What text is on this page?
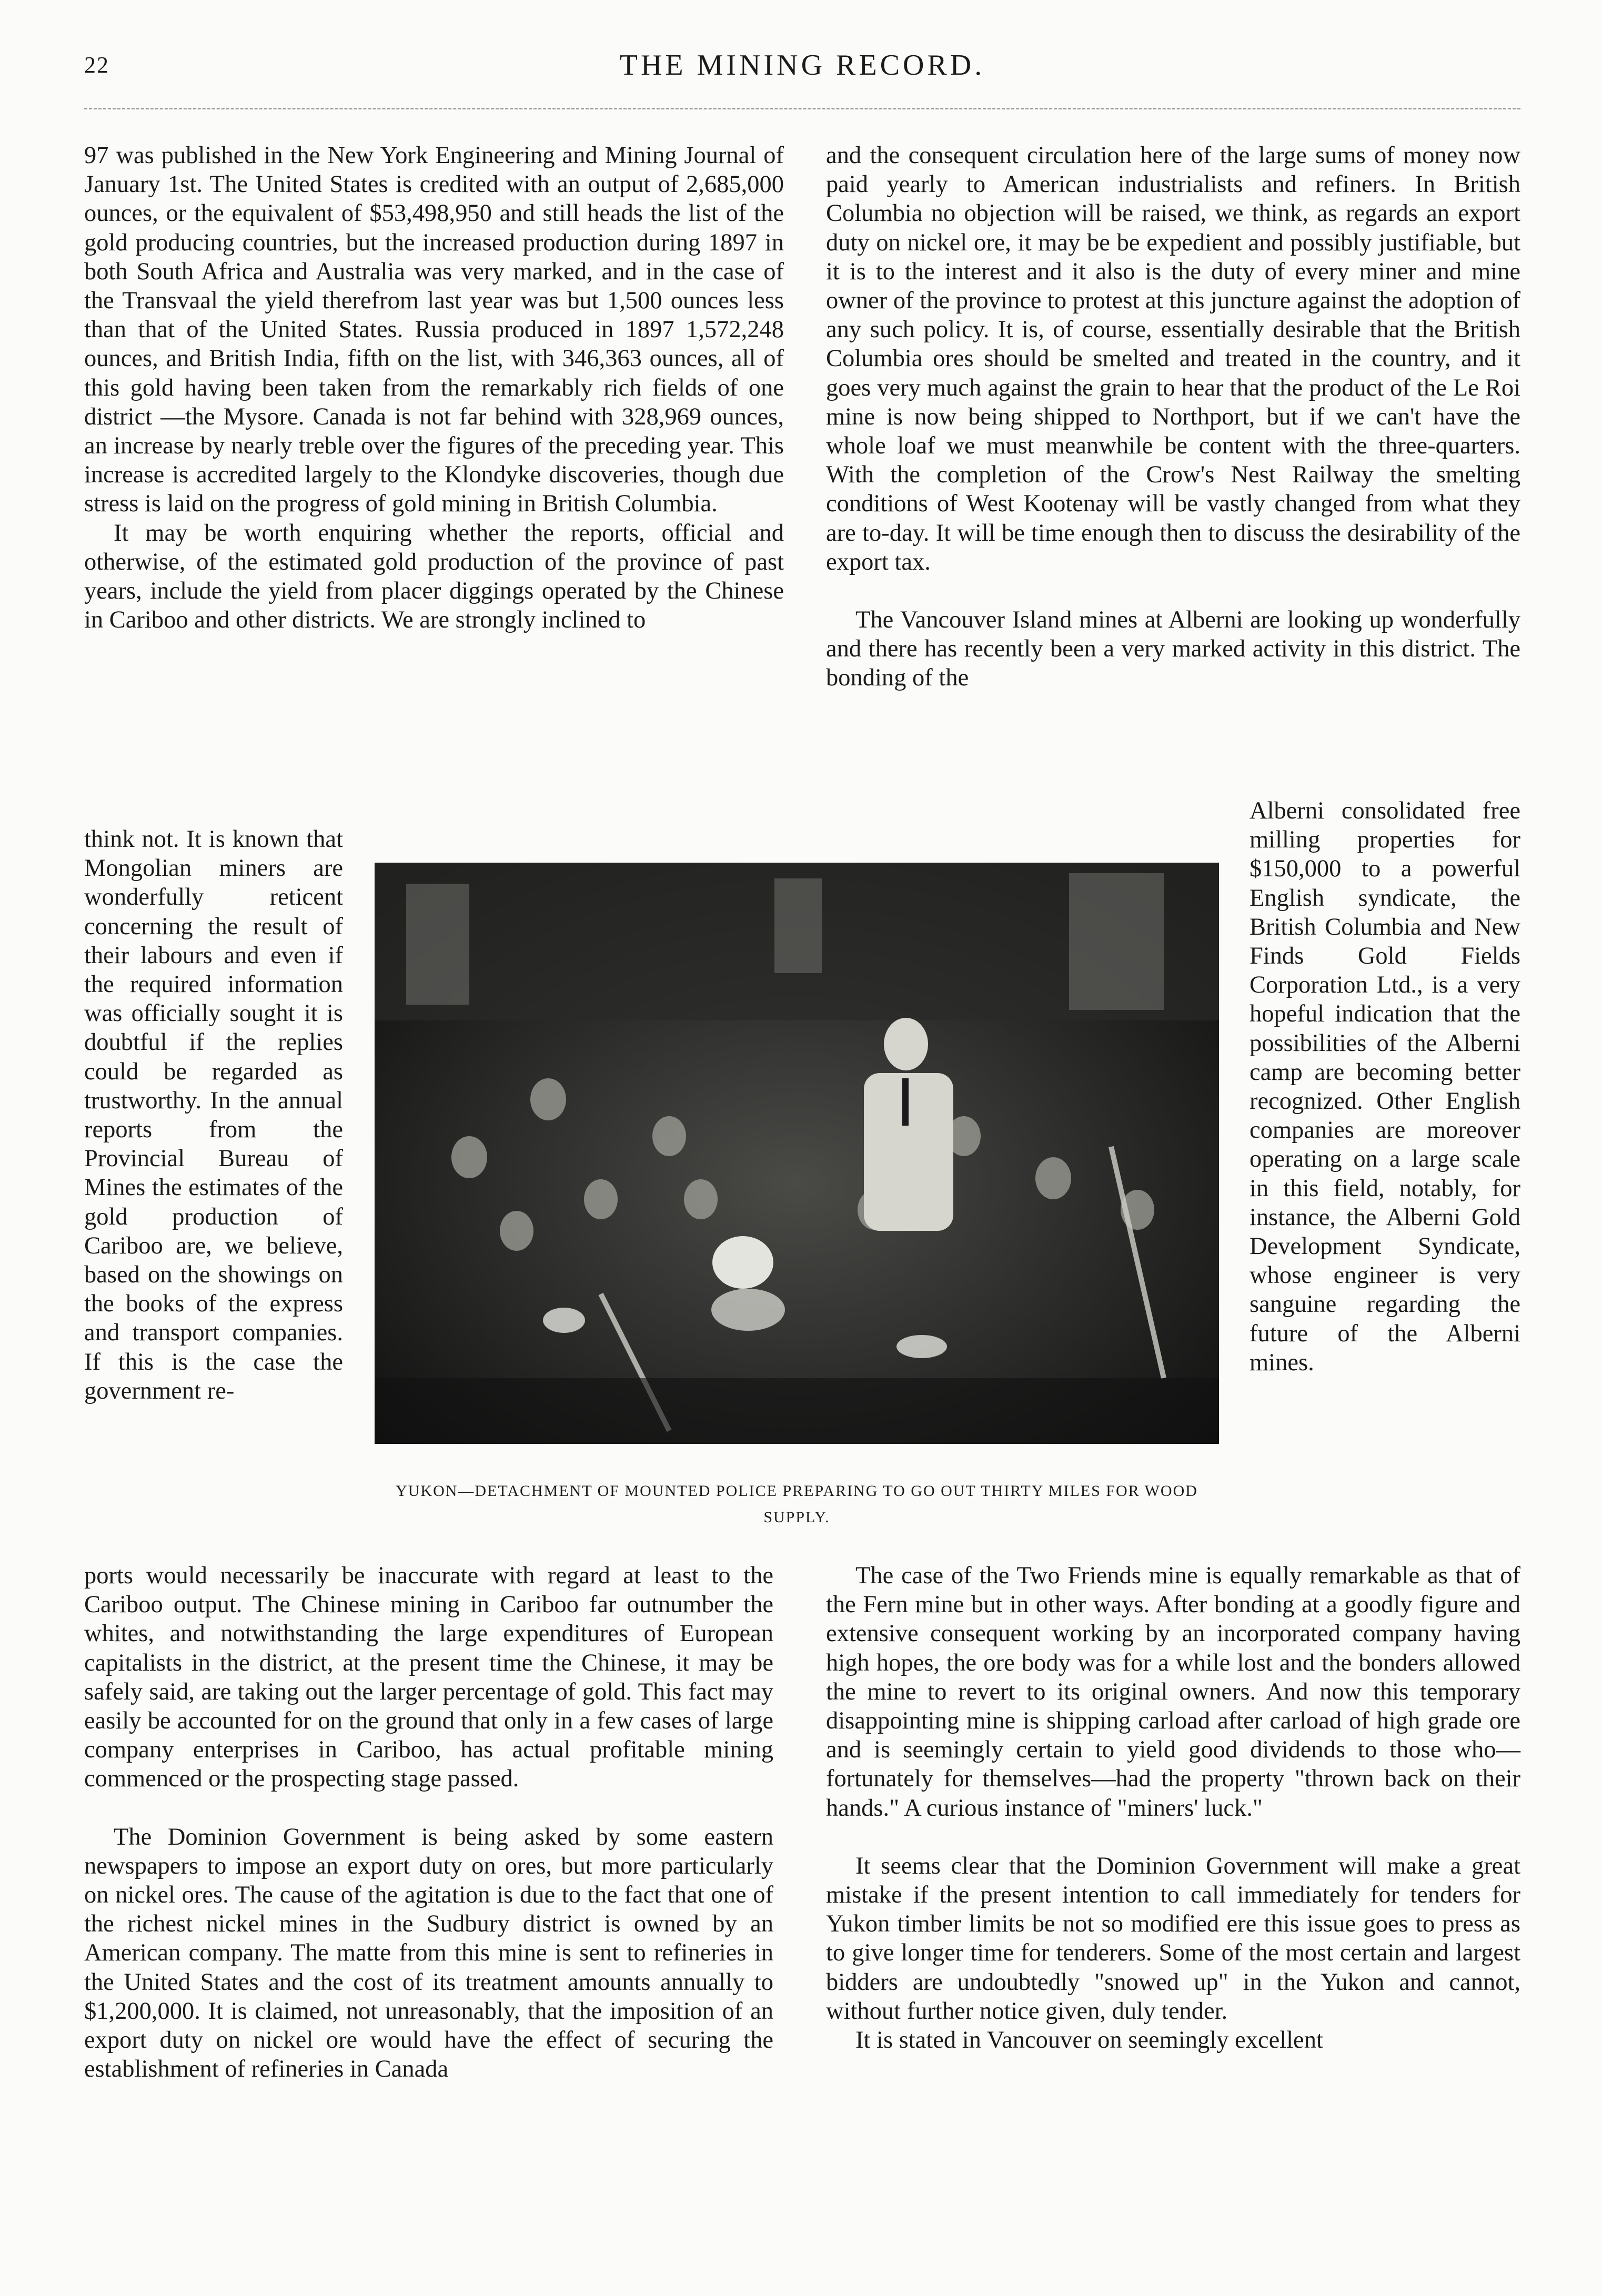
22	THE MINING RECORD.

97 was published in the New York Engineering and Mining Journal of January 1st. The United States is credited with an output of 2,685,000 ounces, or the equivalent of $53,498,950 and still heads the list of the gold producing countries, but the increased production during 1897 in both South Africa and Australia was very marked, and in the case of the Transvaal the yield therefrom last year was but 1,500 ounces less than that of the United States. Russia produced in 1897 1,572,248 ounces, and British India, fifth on the list, with 346,363 ounces, all of this gold having been taken from the remarkably rich fields of one district —the Mysore. Canada is not far behind with 328,969 ounces, an increase by nearly treble over the figures of the preceding year. This increase is accredited largely to the Klondyke discoveries, though due stress is laid on the progress of gold mining in British Columbia.

It may be worth enquiring whether the reports, official and otherwise, of the estimated gold production of the province of past years, include the yield from placer diggings operated by the Chinese in Cariboo and other districts. We are strongly inclined to

think not. It is known that Mongolian miners are wonderfully reticent concerning the result of their labours and even if the required information was officially sought it is doubtful if the replies could be regarded as trustworthy. In the annual reports from the Provincial Bureau of Mines the estimates of the gold production of Cariboo are, we believe, based on the showings on the books of the express and transport companies. If this is the case the government re-

ports would necessarily be inaccurate with regard at least to the Cariboo output. The Chinese mining in Cariboo far outnumber the whites, and notwithstanding the large expenditures of European capitalists in the district, at the present time the Chinese, it may be safely said, are taking out the larger percentage of gold. This fact may easily be accounted for on the ground that only in a few cases of large company enterprises in Cariboo, has actual profitable mining commenced or the prospecting stage passed.

The Dominion Government is being asked by some eastern newspapers to impose an export duty on ores, but more particularly on nickel ores. The cause of the agitation is due to the fact that one of the richest nickel mines in the Sudbury district is owned by an American company. The matte from this mine is sent to refineries in the United States and the cost of its treatment amounts annually to $1,200,000. It is claimed, not unreasonably, that the imposition of an export duty on nickel ore would have the effect of securing the establishment of refineries in Canada

and the consequent circulation here of the large sums of money now paid yearly to American industrialists and refiners. In British Columbia no objection will be raised, we think, as regards an export duty on nickel ore, it may be be expedient and possibly justifiable, but it is to the interest and it also is the duty of every miner and mine owner of the province to protest at this juncture against the adoption of any such policy. It is, of course, essentially desirable that the British Columbia ores should be smelted and treated in the country, and it goes very much against the grain to hear that the product of the Le Roi mine is now being shipped to Northport, but if we can't have the whole loaf we must meanwhile be content with the three-quarters. With the completion of the Crow's Nest Railway the smelting conditions of West Kootenay will be vastly changed from what they are to-day. It will be time enough then to discuss the desirability of the export tax.

The Vancouver Island mines at Alberni are looking up wonderfully and there has recently been a very marked activity in this district. The bonding of the

Alberni consolidated free milling properties for $150,000 to a powerful English syndicate, the British Columbia and New Finds Gold Fields Corporation Ltd., is a very hopeful indication that the possibilities of the Alberni camp are becoming better recognized. Other English companies are moreover operating on a large scale in this field, notably, for instance, the Alberni Gold Development Syndicate, whose engineer is very sanguine regarding the future of the Alberni mines.

The case of the Two Friends mine is equally remarkable as that of the Fern mine but in other ways. After bonding at a goodly figure and extensive consequent working by an incorporated company having high hopes, the ore body was for a while lost and the bonders allowed the mine to revert to its original owners. And now this temporary disappointing mine is shipping carload after carload of high grade ore and is seemingly certain to yield good dividends to those who—fortunately for themselves—had the property "thrown back on their hands." A curious instance of "miners' luck."

It seems clear that the Dominion Government will make a great mistake if the present intention to call immediately for tenders for Yukon timber limits be not so modified ere this issue goes to press as to give longer time for tenderers. Some of the most certain and largest bidders are undoubtedly "snowed up" in the Yukon and cannot, without further notice given, duly tender.

It is stated in Vancouver on seemingly excellent

YUKON—DETACHMENT OF MOUNTED POLICE PREPARING TO GO OUT THIRTY MILES FOR WOOD SUPPLY.
